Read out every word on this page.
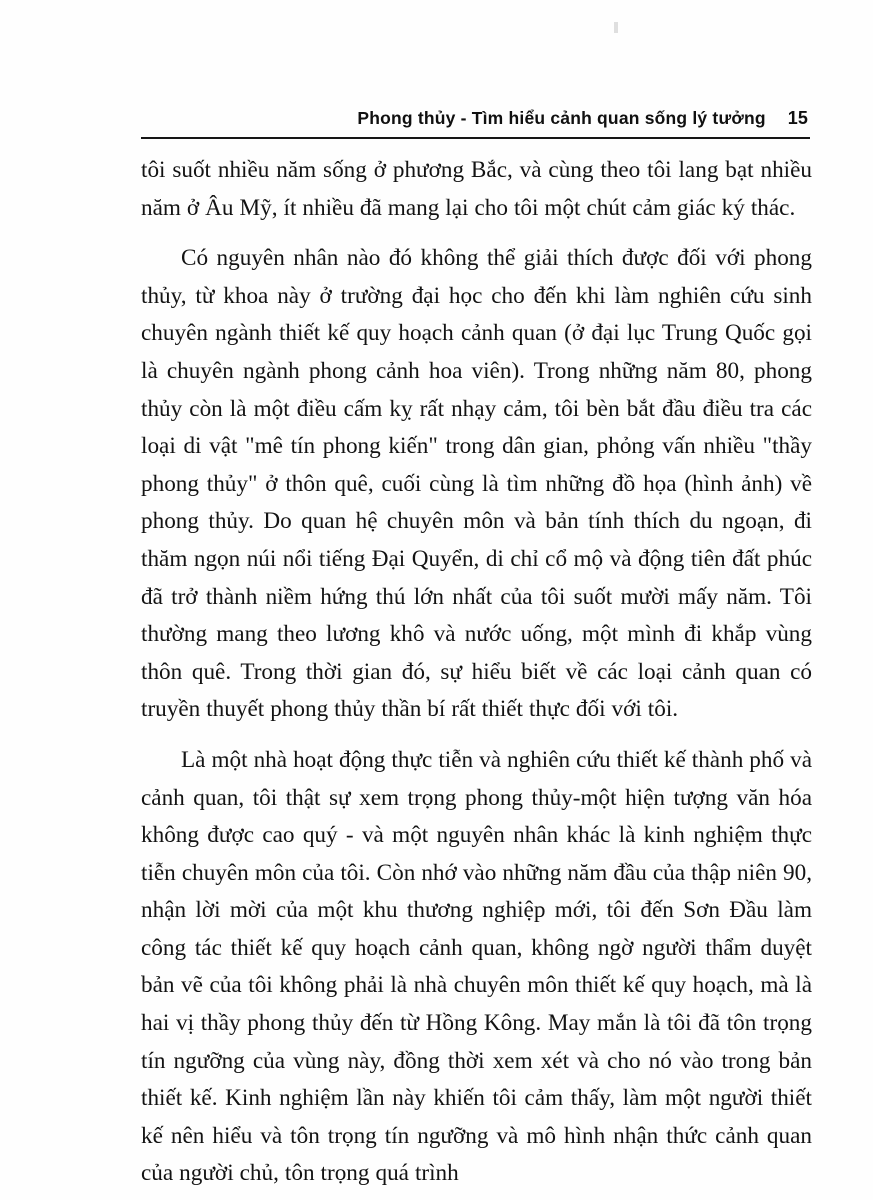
Phong thủy - Tìm hiểu cảnh quan sống lý tưởng 15

tôi suốt nhiều năm sống ở phương Bắc, và cùng theo tôi lang bạt nhiều năm ở Âu Mỹ, ít nhiều đã mang lại cho tôi một chút cảm giác ký thác.

Có nguyên nhân nào đó không thể giải thích được đối với phong thủy, từ khoa này ở trường đại học cho đến khi làm nghiên cứu sinh chuyên ngành thiết kế quy hoạch cảnh quan (ở đại lục Trung Quốc gọi là chuyên ngành phong cảnh hoa viên). Trong những năm 80, phong thủy còn là một điều cấm kỵ rất nhạy cảm, tôi bèn bắt đầu điều tra các loại di vật "mê tín phong kiến" trong dân gian, phỏng vấn nhiều "thầy phong thủy" ở thôn quê, cuối cùng là tìm những đồ họa (hình ảnh) về phong thủy. Do quan hệ chuyên môn và bản tính thích du ngoạn, đi thăm ngọn núi nổi tiếng Đại Quyển, di chỉ cổ mộ và động tiên đất phúc đã trở thành niềm hứng thú lớn nhất của tôi suốt mười mấy năm. Tôi thường mang theo lương khô và nước uống, một mình đi khắp vùng thôn quê. Trong thời gian đó, sự hiểu biết về các loại cảnh quan có truyền thuyết phong thủy thần bí rất thiết thực đối với tôi.

Là một nhà hoạt động thực tiễn và nghiên cứu thiết kế thành phố và cảnh quan, tôi thật sự xem trọng phong thủy-một hiện tượng văn hóa không được cao quý - và một nguyên nhân khác là kinh nghiệm thực tiễn chuyên môn của tôi. Còn nhớ vào những năm đầu của thập niên 90, nhận lời mời của một khu thương nghiệp mới, tôi đến Sơn Đầu làm công tác thiết kế quy hoạch cảnh quan, không ngờ người thẩm duyệt bản vẽ của tôi không phải là nhà chuyên môn thiết kế quy hoạch, mà là hai vị thầy phong thủy đến từ Hồng Kông. May mắn là tôi đã tôn trọng tín ngưỡng của vùng này, đồng thời xem xét và cho nó vào trong bản thiết kế. Kinh nghiệm lần này khiến tôi cảm thấy, làm một người thiết kế nên hiểu và tôn trọng tín ngưỡng và mô hình nhận thức cảnh quan của người chủ, tôn trọng quá trình
